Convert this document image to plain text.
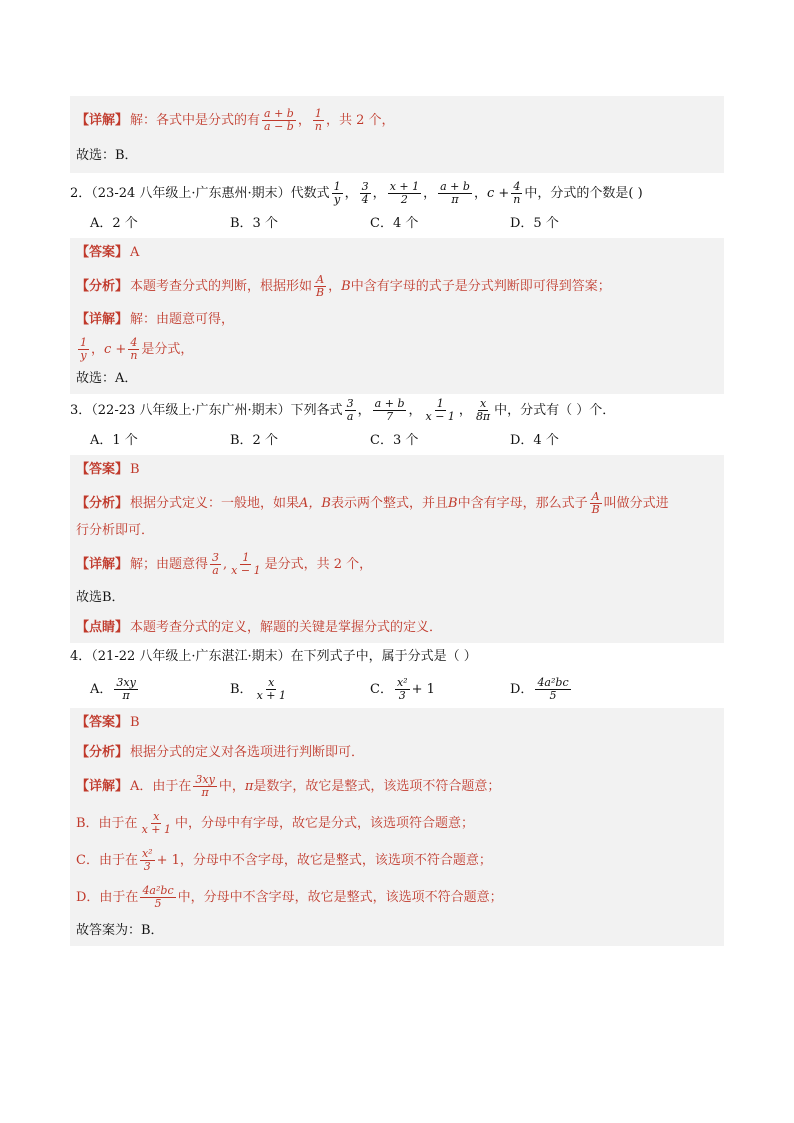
【详解】 解：各式中是分式的有 $\frac{a + b}{a - b}$ ， $\frac{1}{n}$ ，共 2 个，
故选：B．
2．（23-24 八年级上·广东惠州·期末）代数式 $\frac{1}{y}$ ， $\frac{3}{4}$ ， $\frac{x + 1}{2}$ ， $\frac{a + b}{\pi}$ ， $c + \frac{4}{n}$ 中，分式的个数是( )
A．2 个	B．3 个	C．4 个	D．5 个
【答案】 A
【分析】 本题考查分式的判断，根据形如 $\frac{A}{B}$ ， B 中含有字母的式子是分式判断即可得到答案；
【详解】 解：由题意可得，
$\frac{1}{y}$ ， $c + \frac{4}{n}$ 是分式，
故选：A．
3．（22-23 八年级上·广东广州·期末）下列各式 $\frac{3}{a}$ ， $\frac{a + b}{7}$ ， $\frac{1}{x - 1}$ ， $\frac{x}{8\pi}$ 中，分式有（ ）个．
A．1 个	B．2 个	C．3 个	D．4 个
【答案】 B
【分析】 根据分式定义：一般地，如果 A，B 表示两个整式，并且 B 中含有字母，那么式子 $\frac{A}{B}$ 叫做分式进
行分析即可．
【详解】 解；由题意得 $\frac{3}{a}$ , $\frac{1}{x - 1}$ 是分式，共 2 个，
故选B．
【点睛】 本题考查分式的定义，解题的关键是掌握分式的定义．
4．（21-22 八年级上·广东湛江·期末）在下列式子中，属于分式是（ ）
A． $\frac{3xy}{\pi}$	B． $\frac{x}{x + 1}$	C． $\frac{\text{x²}}{3} + 1$	D． $\frac{\text{4a²bc}}{5}$
【答案】 B
【分析】 根据分式的定义对各选项进行判断即可．
【详解】 A．由于在 $\frac{3xy}{\pi}$ 中， π 是数字，故它是整式，该选项不符合题意；
B．由于在 $\frac{x}{x + 1}$ 中，分母中有字母，故它是分式，该选项符合题意；
C．由于在 $\frac{\text{x²}}{3} + 1$，分母中不含字母，故它是整式，该选项不符合题意；
D．由于在 $\frac{\text{4a²bc}}{5}$ 中，分母中不含字母，故它是整式，该选项不符合题意；
故答案为：B．
